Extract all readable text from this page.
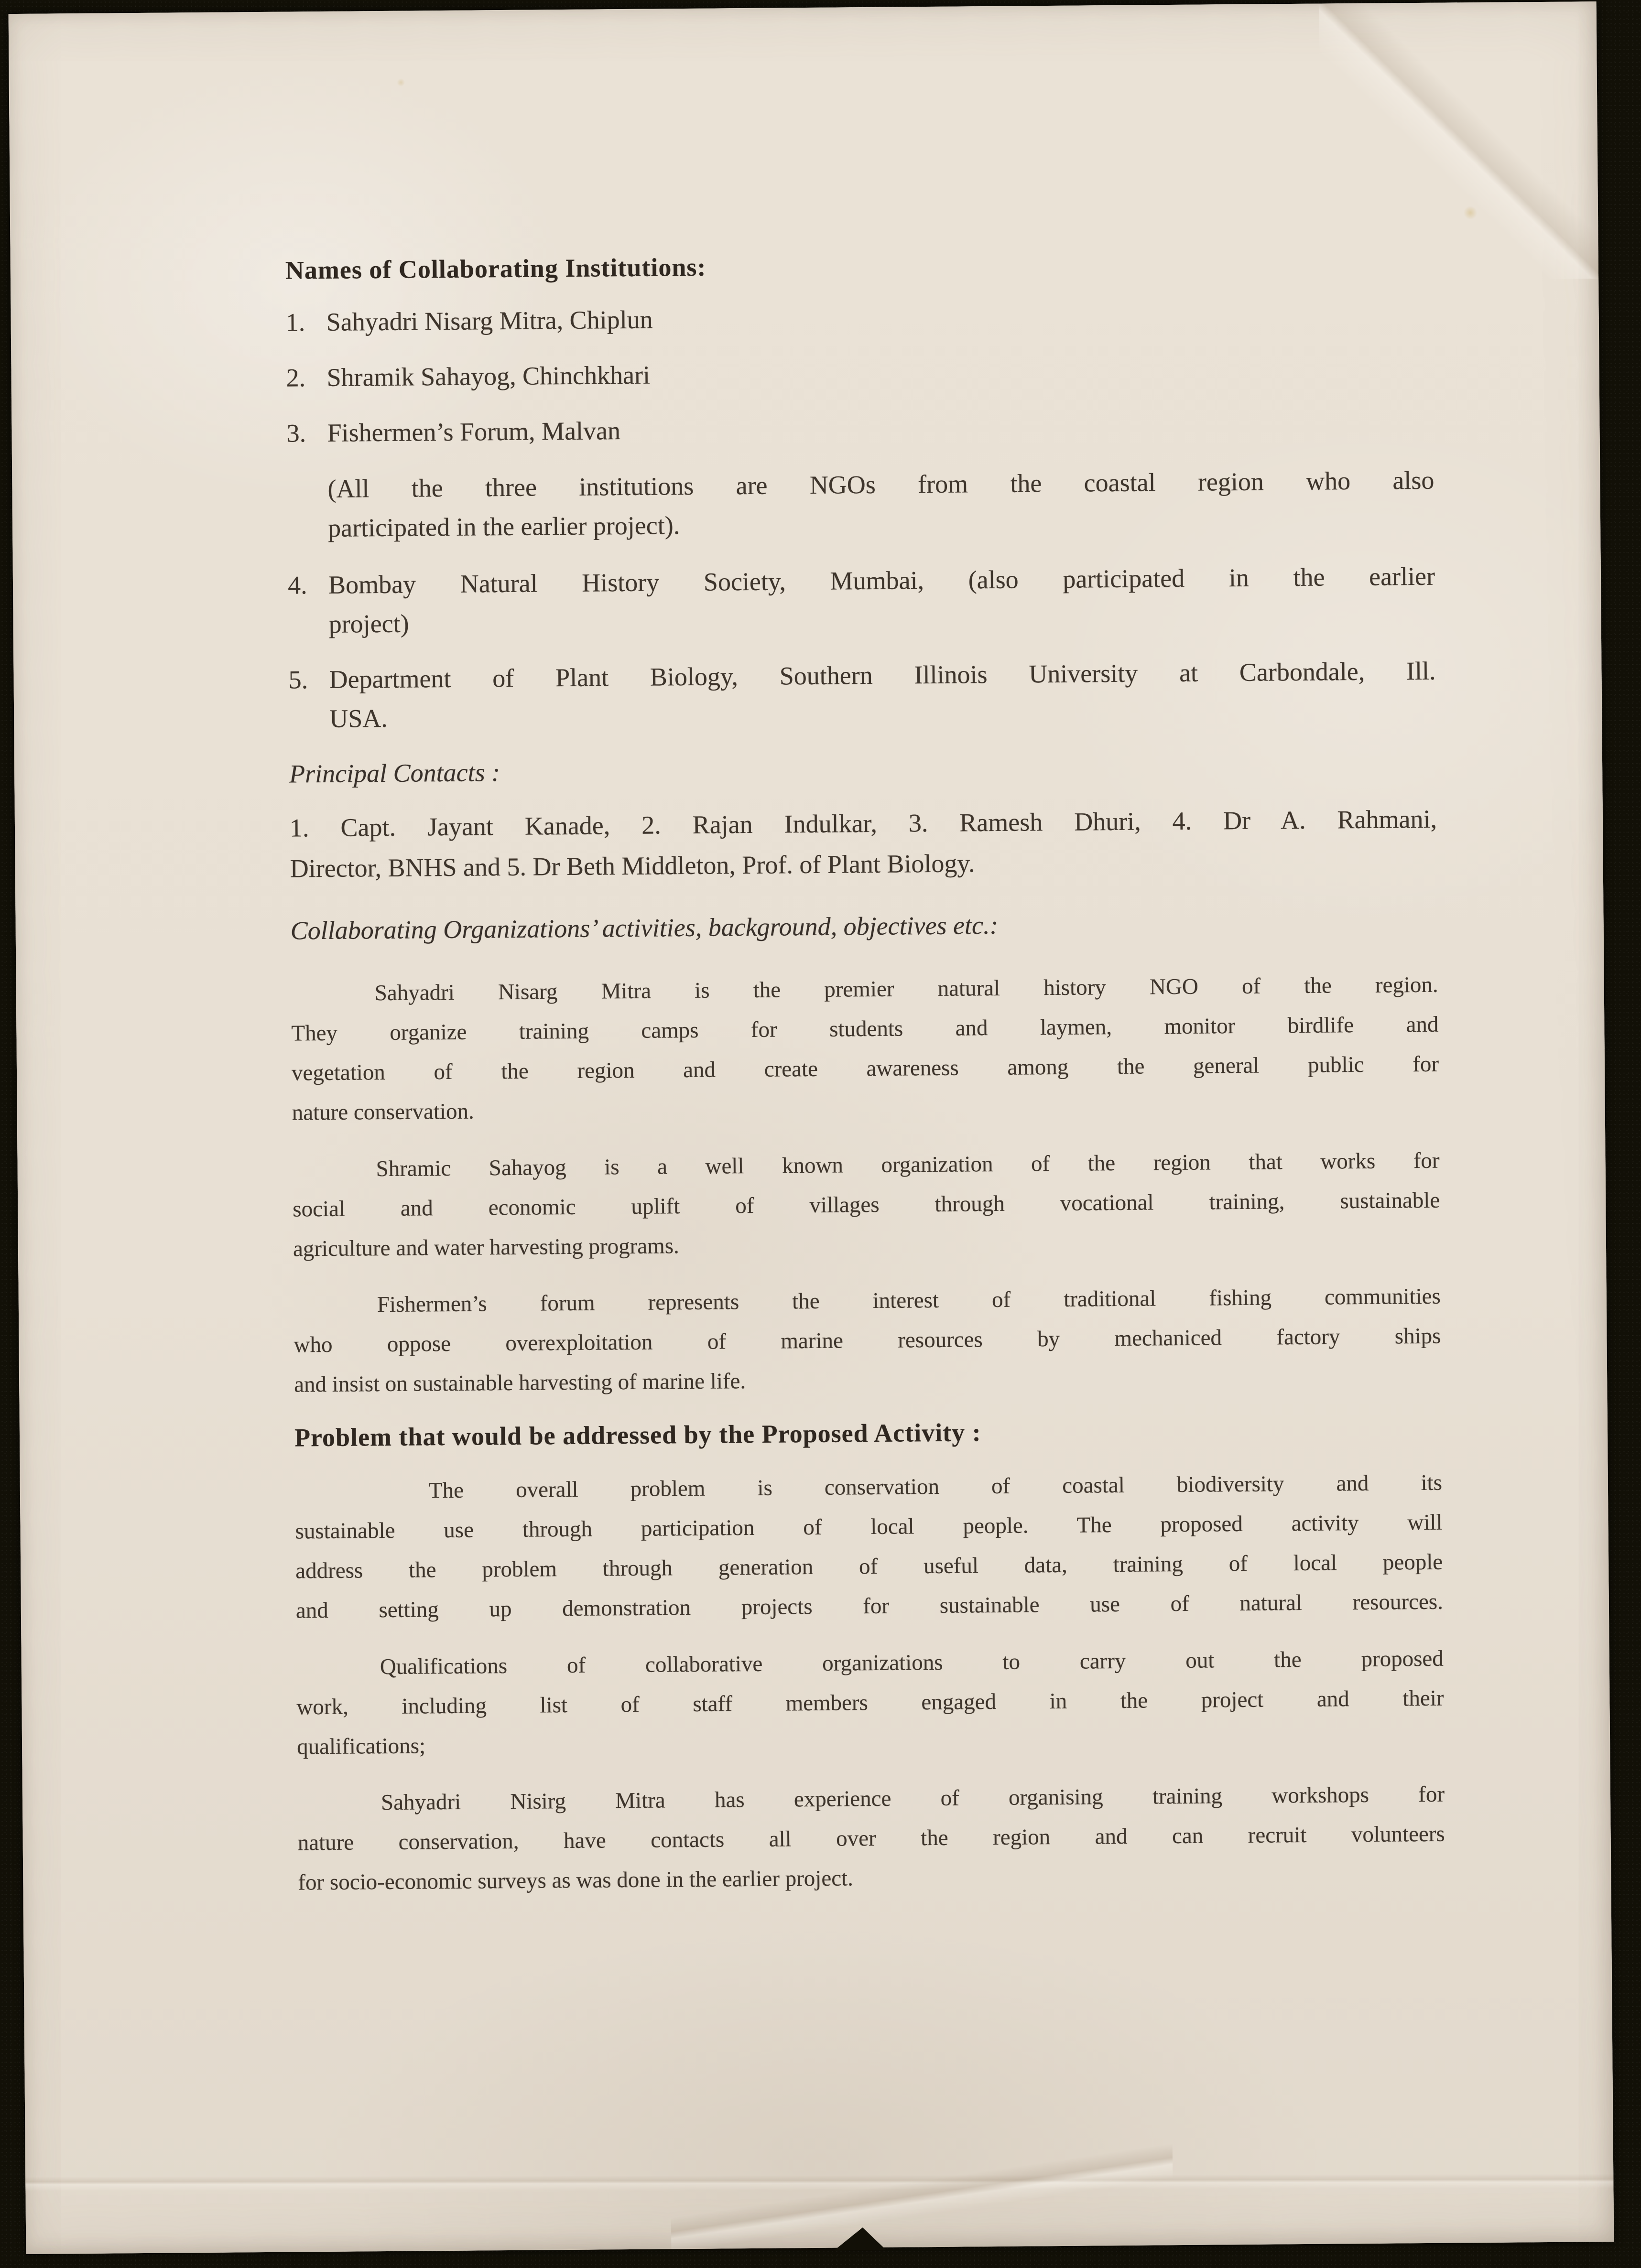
Names of Collaborating Institutions:
1. Sahyadri Nisarg Mitra, Chiplun
2. Shramik Sahayog, Chinchkhari
3. Fishermen’s Forum, Malvan
(All the three institutions are NGOs from the coastal region who also
participated in the earlier project).
4. Bombay Natural History Society, Mumbai, (also participated in the earlier
project)
5. Department of Plant Biology, Southern Illinois University at Carbondale, Ill.
USA.
Principal Contacts :
1. Capt. Jayant Kanade, 2. Rajan Indulkar, 3. Ramesh Dhuri, 4. Dr A. Rahmani,
Director, BNHS and 5. Dr Beth Middleton, Prof. of Plant Biology.
Collaborating Organizations’ activities, background, objectives etc.:
Sahyadri Nisarg Mitra is the premier natural history NGO of the region.
They organize training camps for students and laymen, monitor birdlife and
vegetation of the region and create awareness among the general public for
nature conservation.
Shramic Sahayog is a well known organization of the region that works for
social and economic uplift of villages through vocational training, sustainable
agriculture and water harvesting programs.
Fishermen’s forum represents the interest of traditional fishing communities
who oppose overexploitation of marine resources by mechaniced factory ships
and insist on sustainable harvesting of marine life.
Problem that would be addressed by the Proposed Activity :
The overall problem is conservation of coastal biodiversity and its
sustainable use through participation of local people. The proposed activity will
address the problem through generation of useful data, training of local people
and setting up demonstration projects for sustainable use of natural resources.
Qualifications of collaborative organizations to carry out the proposed
work, including list of staff members engaged in the project and their
qualifications;
Sahyadri Nisirg Mitra has experience of organising training workshops for
nature conservation, have contacts all over the region and can recruit volunteers
for socio-economic surveys as was done in the earlier project.
